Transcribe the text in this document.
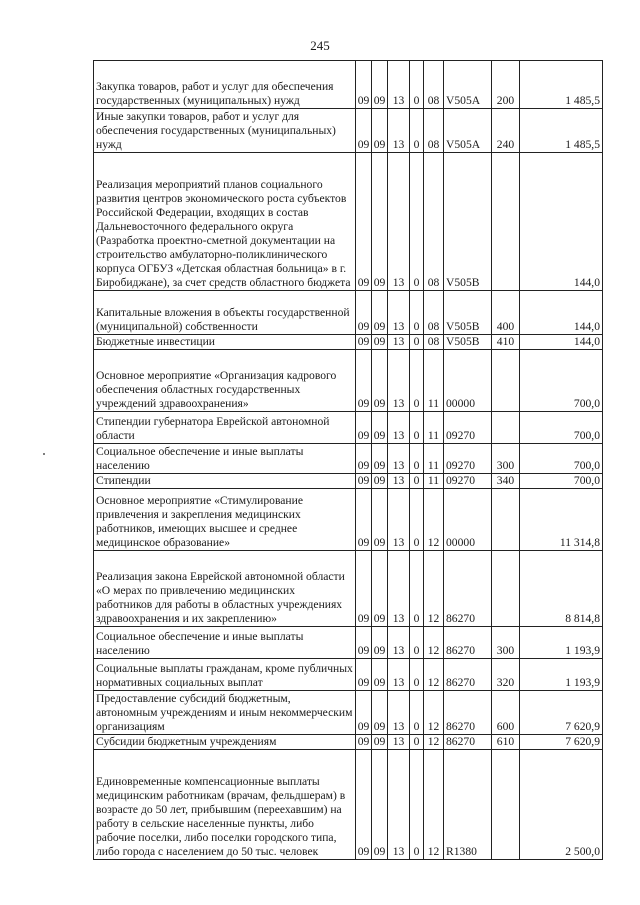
245
Закупка товаров, работ и услуг для обеспечения государственных (муниципальных) нужд	09	09	13	0	08	V505A	200	1 485,5
Иные закупки товаров, работ и услуг для обеспечения государственных (муниципальных) нужд	09	09	13	0	08	V505A	240	1 485,5
Реализация мероприятий планов социального развития центров экономического роста субъектов Российской Федерации, входящих в состав Дальневосточного федерального округа (Разработка проектно-сметной документации на строительство амбулаторно-поликлинического корпуса ОГБУЗ «Детская областная больница» в г. Биробиджане), за счет средств областного бюджета	09	09	13	0	08	V505B		144,0
Капитальные вложения в объекты государственной (муниципальной) собственности	09	09	13	0	08	V505B	400	144,0
Бюджетные инвестиции	09	09	13	0	08	V505B	410	144,0
Основное мероприятие «Организация кадрового обеспечения областных государственных учреждений здравоохранения»	09	09	13	0	11	00000		700,0
Стипендии губернатора Еврейской автономной области	09	09	13	0	11	09270		700,0
Социальное обеспечение и иные выплаты населению	09	09	13	0	11	09270	300	700,0
Стипендии	09	09	13	0	11	09270	340	700,0
Основное мероприятие «Стимулирование привлечения и закрепления медицинских работников, имеющих высшее и среднее медицинское образование»	09	09	13	0	12	00000		11 314,8
Реализация закона Еврейской автономной области «О мерах по привлечению медицинских работников для работы в областных учреждениях здравоохранения и их закреплению»	09	09	13	0	12	86270		8 814,8
Социальное обеспечение и иные выплаты населению	09	09	13	0	12	86270	300	1 193,9
Социальные выплаты гражданам, кроме публичных нормативных социальных выплат	09	09	13	0	12	86270	320	1 193,9
Предоставление субсидий бюджетным, автономным учреждениям и иным некоммерческим организациям	09	09	13	0	12	86270	600	7 620,9
Субсидии бюджетным учреждениям	09	09	13	0	12	86270	610	7 620,9
Единовременные компенсационные выплаты медицинским работникам (врачам, фельдшерам) в возрасте до 50 лет, прибывшим (переехавшим) на работу в сельские населенные пункты, либо рабочие поселки, либо поселки городского типа, либо города с населением до 50 тыс. человек	09	09	13	0	12	R1380		2 500,0
